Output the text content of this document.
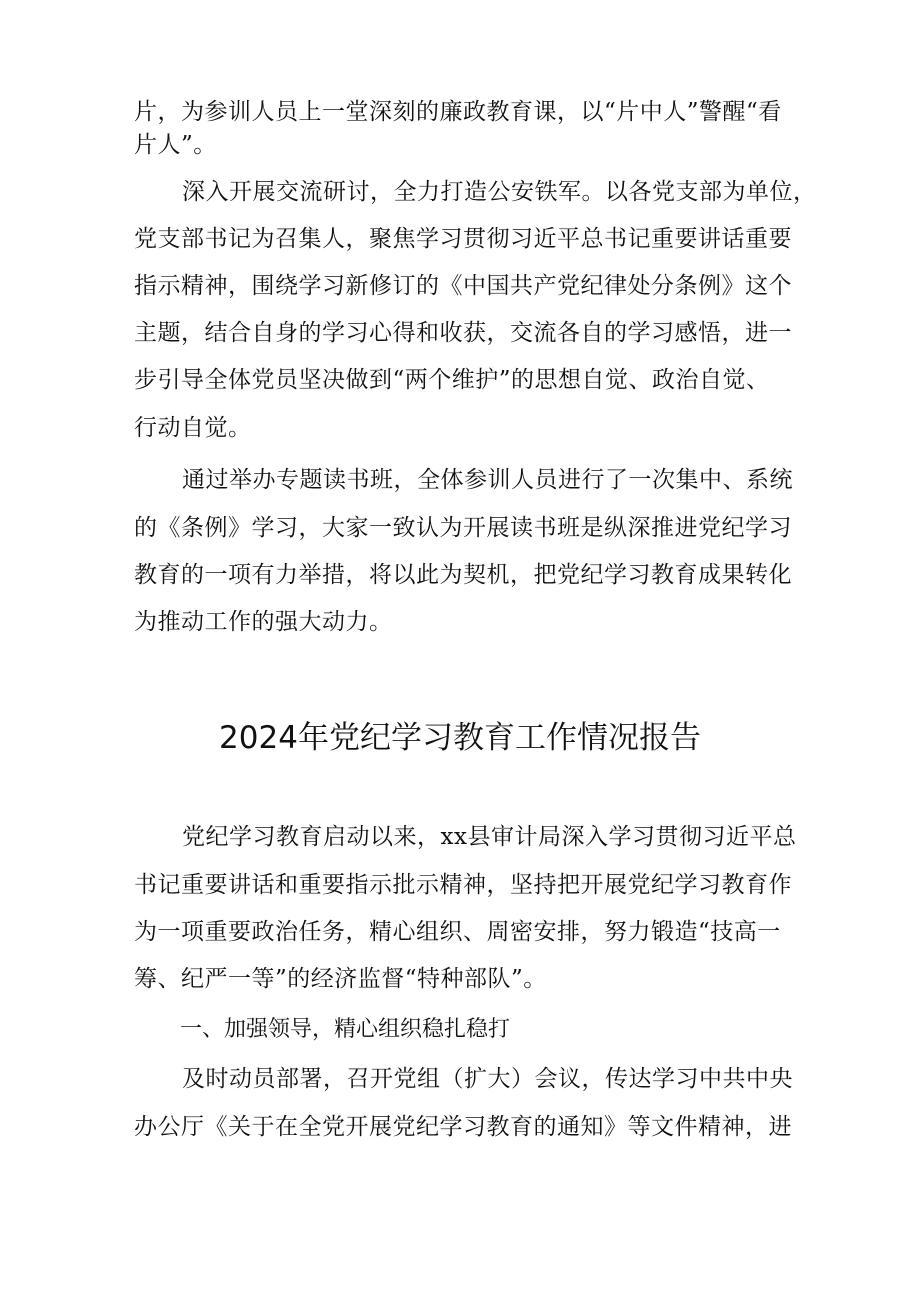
片，为参训人员上一堂深刻的廉政教育课，以“片中人”警醒“看

片人”。

深入开展交流研讨，全力打造公安铁军。以各党支部为单位，

党支部书记为召集人，聚焦学习贯彻习近平总书记重要讲话重要

指示精神，围绕学习新修订的《中国共产党纪律处分条例》这个

主题，结合自身的学习心得和收获，交流各自的学习感悟，进一

步引导全体党员坚决做到“两个维护”的思想自觉、政治自觉、

行动自觉。

通过举办专题读书班，全体参训人员进行了一次集中、系统

的《条例》学习，大家一致认为开展读书班是纵深推进党纪学习

教育的一项有力举措，将以此为契机，把党纪学习教育成果转化

为推动工作的强大动力。

2024年党纪学习教育工作情况报告

党纪学习教育启动以来，xx县审计局深入学习贯彻习近平总

书记重要讲话和重要指示批示精神，坚持把开展党纪学习教育作

为一项重要政治任务，精心组织、周密安排，努力锻造“技高一

筹、纪严一等”的经济监督“特种部队”。

一、加强领导，精心组织稳扎稳打

及时动员部署，召开党组（扩大）会议，传达学习中共中央

办公厅《关于在全党开展党纪学习教育的通知》等文件精神，进
